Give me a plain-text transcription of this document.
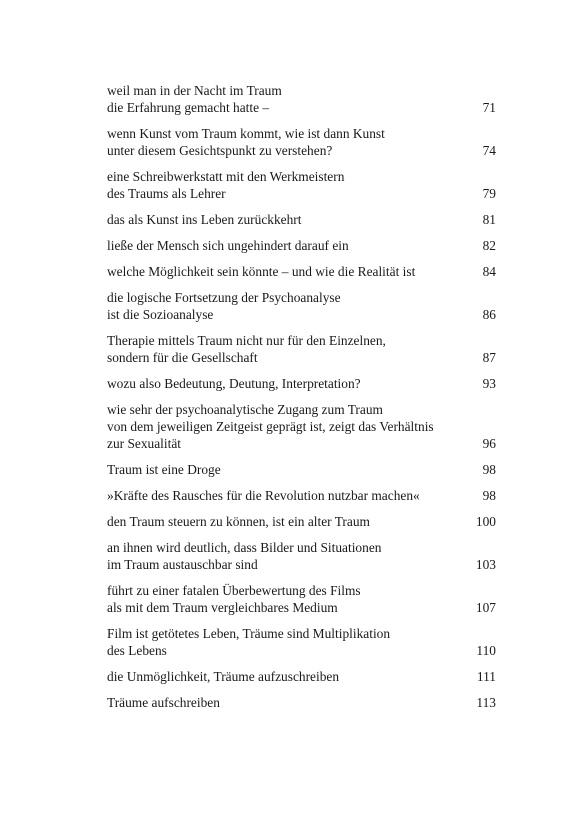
weil man in der Nacht im Traum
die Erfahrung gemacht hatte –	71
wenn Kunst vom Traum kommt, wie ist dann Kunst
unter diesem Gesichtspunkt zu verstehen?	74
eine Schreibwerkstatt mit den Werkmeistern
des Traums als Lehrer	79
das als Kunst ins Leben zurückkehrt	81
ließe der Mensch sich ungehindert darauf ein	82
welche Möglichkeit sein könnte – und wie die Realität ist	84
die logische Fortsetzung der Psychoanalyse
ist die Sozioanalyse	86
Therapie mittels Traum nicht nur für den Einzelnen,
sondern für die Gesellschaft	87
wozu also Bedeutung, Deutung, Interpretation?	93
wie sehr der psychoanalytische Zugang zum Traum
von dem jeweiligen Zeitgeist geprägt ist, zeigt das Verhältnis
zur Sexualität	96
Traum ist eine Droge	98
»Kräfte des Rausches für die Revolution nutzbar machen«	98
den Traum steuern zu können, ist ein alter Traum	100
an ihnen wird deutlich, dass Bilder und Situationen
im Traum austauschbar sind	103
führt zu einer fatalen Überbewertung des Films
als mit dem Traum vergleichbares Medium	107
Film ist getötetes Leben, Träume sind Multiplikation
des Lebens	110
die Unmöglichkeit, Träume aufzuschreiben	111
Träume aufschreiben	113
